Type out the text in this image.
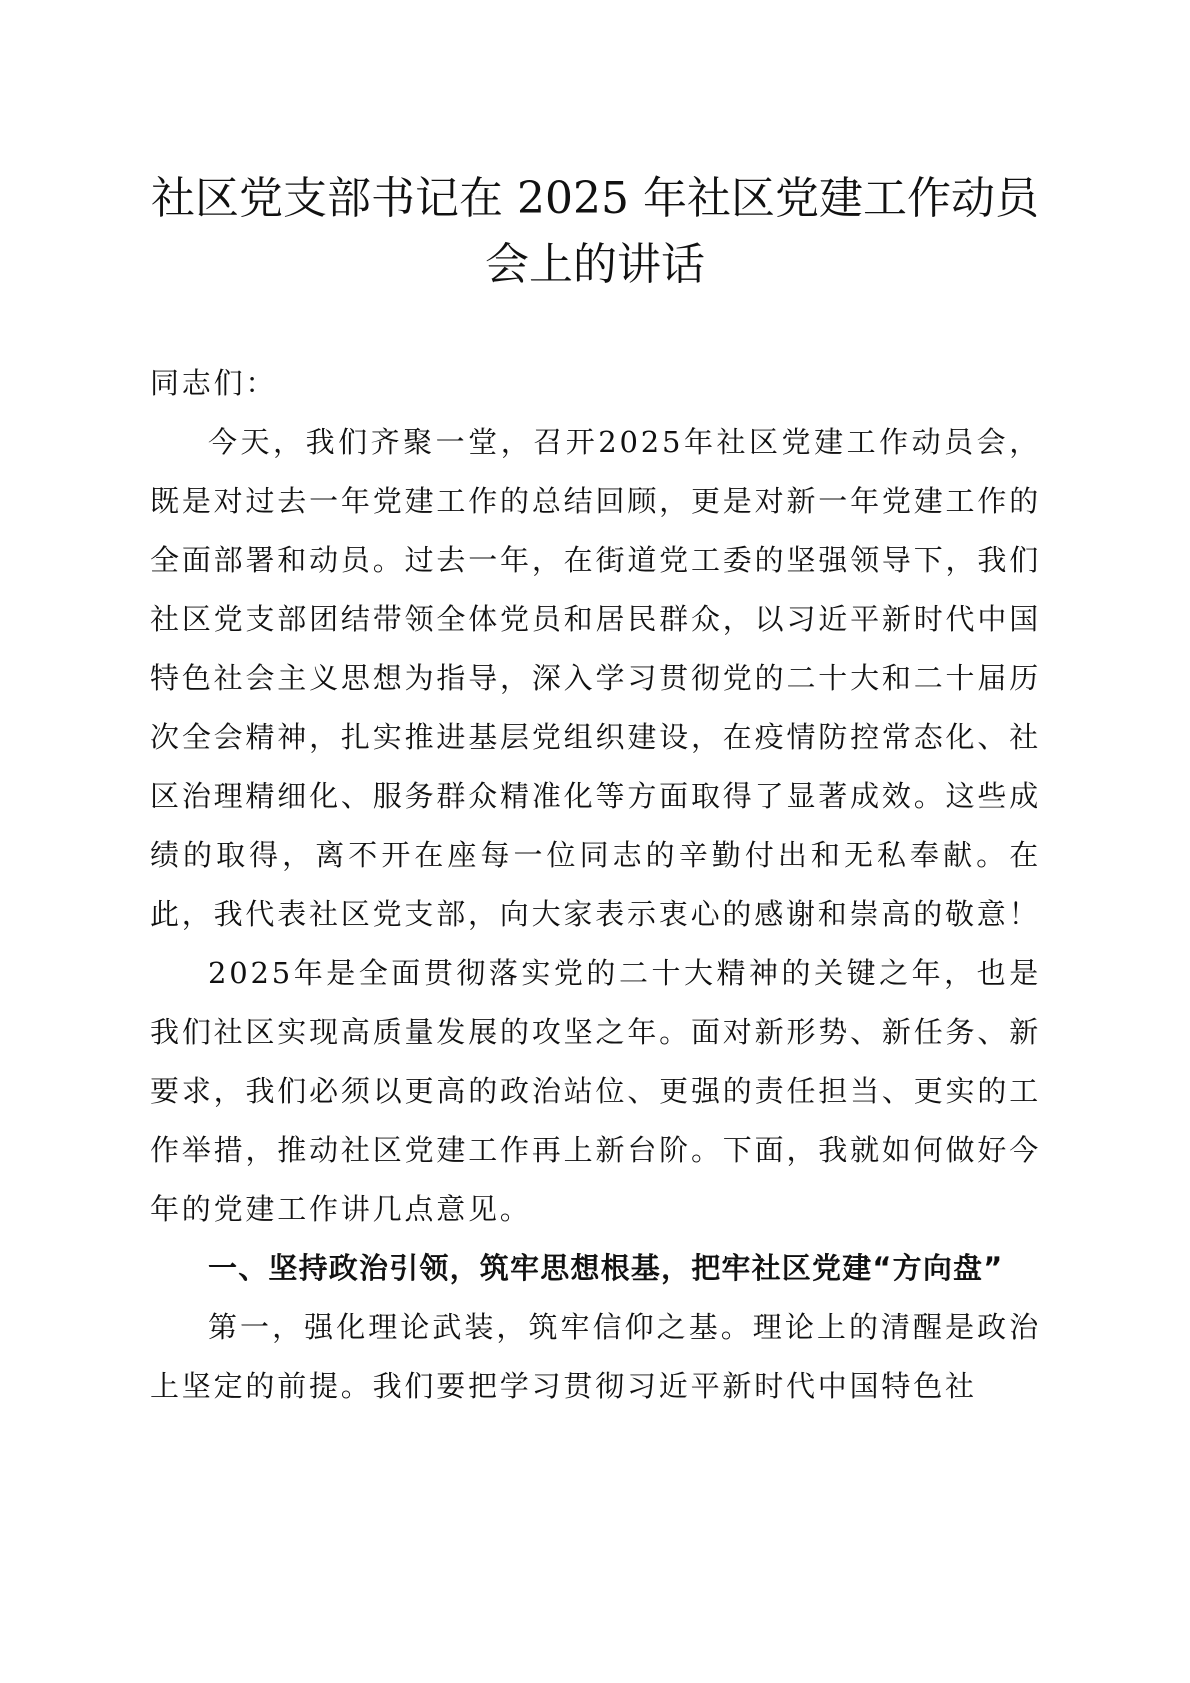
社区党支部书记在 2025 年社区党建工作动员
会上的讲话

同志们：

今天，我们齐聚一堂，召开2025年社区党建工作动员会，既是对过去一年党建工作的总结回顾，更是对新一年党建工作的全面部署和动员。过去一年，在街道党工委的坚强领导下，我们社区党支部团结带领全体党员和居民群众，以习近平新时代中国特色社会主义思想为指导，深入学习贯彻党的二十大和二十届历次全会精神，扎实推进基层党组织建设，在疫情防控常态化、社区治理精细化、服务群众精准化等方面取得了显著成效。这些成绩的取得，离不开在座每一位同志的辛勤付出和无私奉献。在此，我代表社区党支部，向大家表示衷心的感谢和崇高的敬意！

2025年是全面贯彻落实党的二十大精神的关键之年，也是我们社区实现高质量发展的攻坚之年。面对新形势、新任务、新要求，我们必须以更高的政治站位、更强的责任担当、更实的工作举措，推动社区党建工作再上新台阶。下面，我就如何做好今年的党建工作讲几点意见。

一、坚持政治引领，筑牢思想根基，把牢社区党建“方向盘”

第一，强化理论武装，筑牢信仰之基。理论上的清醒是政治上坚定的前提。我们要把学习贯彻习近平新时代中国特色社
